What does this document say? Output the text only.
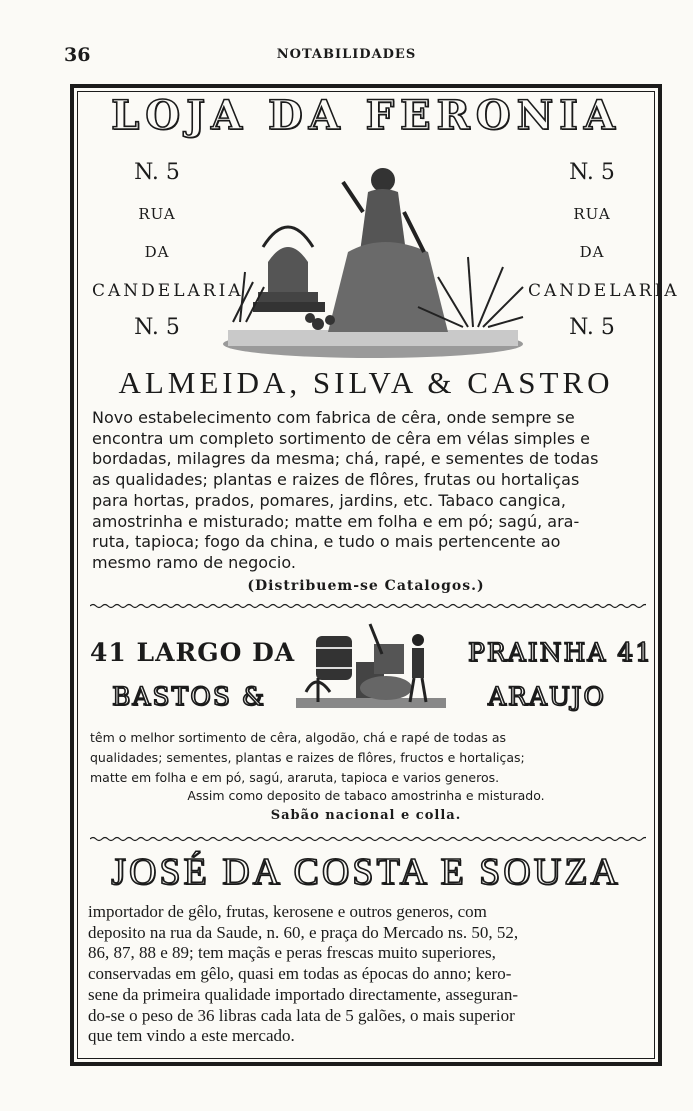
36	NOTABILIDADES
LOJA DA FERONIA
N. 5
RUA
DA
CANDELARIA
N. 5
N. 5
RUA
DA
CANDELARIA
N. 5
ALMEIDA, SILVA & CASTRO
Novo estabelecimento com fabrica de cêra, onde sempre se
encontra um completo sortimento de cêra em vélas simples e
bordadas, milagres da mesma; chá, rapé, e sementes de todas
as qualidades; plantas e raizes de flôres, frutas ou hortaliças
para hortas, prados, pomares, jardins, etc. Tabaco cangica,
amostrinha e misturado; matte em folha e em pó; sagú, ara-
ruta, tapioca; fogo da china, e tudo o mais pertencente ao
mesmo ramo de negocio.
(Distribuem-se Catalogos.)
41 LARGO DA	PRAINHA 41
BASTOS &	ARAUJO
têm o melhor sortimento de cêra, algodão, chá e rapé de todas as
qualidades; sementes, plantas e raizes de flôres, fructos e hortaliças;
matte em folha e em pó, sagú, araruta, tapioca e varios generos.
Assim como deposito de tabaco amostrinha e misturado.
Sabão nacional e colla.
JOSÉ DA COSTA E SOUZA
importador de gêlo, frutas, kerosene e outros generos, com
deposito na rua da Saude, n. 60, e praça do Mercado ns. 50, 52,
86, 87, 88 e 89; tem maçãs e peras frescas muito superiores,
conservadas em gêlo, quasi em todas as épocas do anno; kero-
sene da primeira qualidade importado directamente, asseguran-
do-se o peso de 36 libras cada lata de 5 galões, o mais superior
que tem vindo a este mercado.
